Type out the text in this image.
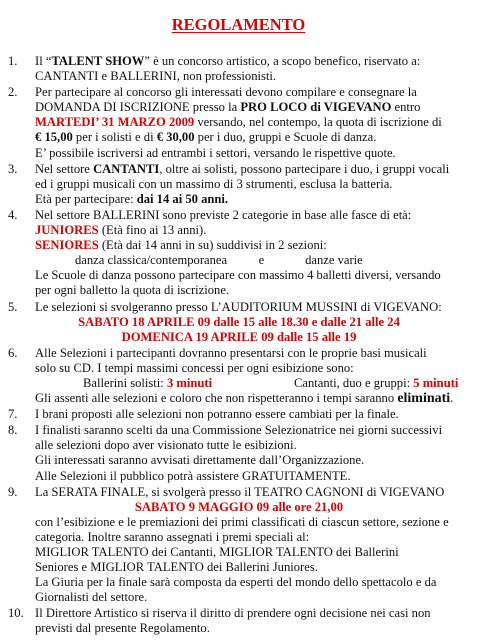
REGOLAMENTO
1.	Il “TALENT SHOW” è un concorso artistico, a scopo benefico, riservato a:
CANTANTI e BALLERINI, non professionisti.
2.	Per partecipare al concorso gli interessati devono compilare e consegnare la
DOMANDA DI ISCRIZIONE presso la PRO LOCO di VIGEVANO entro
MARTEDI’ 31 MARZO 2009 versando, nel contempo, la quota di iscrizione di
€ 15,00 per i solisti e di € 30,00 per i duo, gruppi e Scuole di danza.
E’ possibile iscriversi ad entrambi i settori, versando le rispettive quote.
3.	Nel settore CANTANTI, oltre ai solisti, possono partecipare i duo, i gruppi vocali
ed i gruppi musicali con un massimo di 3 strumenti, esclusa la batteria.
Età per partecipare: dai 14 ai 50 anni.
4.	Nel settore BALLERINI sono previste 2 categorie in base alle fasce di età:
JUNIORES (Età fino ai 13 anni).
SENIORES (Età dai 14 anni in su) suddivisi in 2 sezioni:
danza classica/contemporanea          e             danze varie
Le Scuole di danza possono partecipare con massimo 4 balletti diversi, versando
per ogni balletto la quota di iscrizione.
5.	Le selezioni si svolgeranno presso L’AUDITORIUM MUSSINI di VIGEVANO:
SABATO 18 APRILE 09 dalle 15 alle 18.30 e dalle 21 alle 24
DOMENICA 19 APRILE 09 dalle 15 alle 19
6.	Alle Selezioni i partecipanti dovranno presentarsi con le proprie basi musicali
solo su CD. I tempi massimi concessi per ogni esibizione sono:
Ballerini solisti: 3 minuti                          Cantanti, duo e gruppi: 5 minuti
Gli assenti alle selezioni e coloro che non rispetteranno i tempi saranno eliminati.
7.	I brani proposti alle selezioni non potranno essere cambiati per la finale.
8.	I finalisti saranno scelti da una Commissione Selezionatrice nei giorni successivi
alle selezioni dopo aver visionato tutte le esibizioni.
Gli interessati saranno avvisati direttamente dall’Organizzazione.
Alle Selezioni il pubblico potrà assistere GRATUITAMENTE.
9.	La SERATA FINALE, si svolgerà presso il TEATRO CAGNONI di VIGEVANO
SABATO 9 MAGGIO 09 alle ore 21,00
con l’esibizione e le premiazioni dei primi classificati di ciascun settore, sezione e
categoria. Inoltre saranno assegnati i premi speciali al:
MIGLIOR TALENTO dei Cantanti, MIGLIOR TALENTO dei Ballerini
Seniores e MIGLIOR TALENTO dei Ballerini Juniores.
La Giuria per la finale sarà composta da esperti del mondo dello spettacolo e da
Giornalisti del settore.
10. Il Direttore Artistico si riserva il diritto di prendere ogni decisione nei casi non
previsti dal presente Regolamento.
